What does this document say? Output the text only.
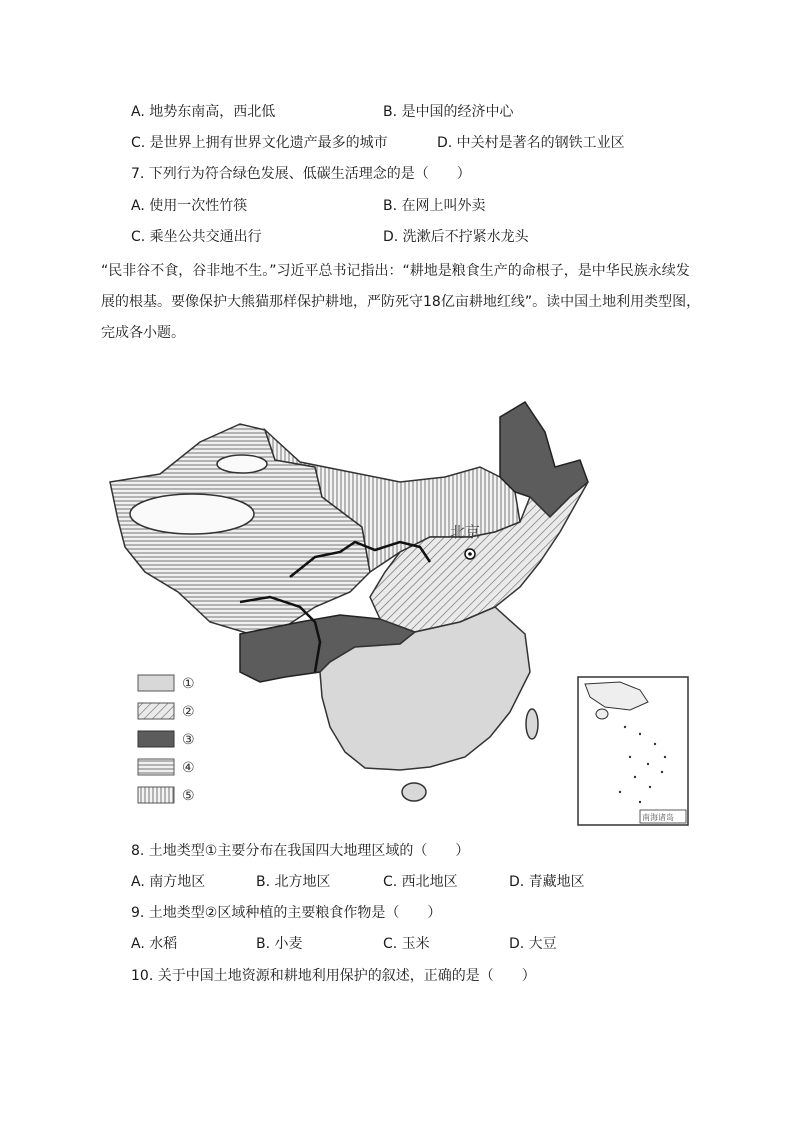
A. 地势东南高，西北低	B. 是中国的经济中心
C. 是世界上拥有世界文化遗产最多的城市	D. 中关村是著名的钢铁工业区
7. 下列行为符合绿色发展、低碳生活理念的是（　　）
A. 使用一次性竹筷	B. 在网上叫外卖
C. 乘坐公共交通出行	D. 洗漱后不拧紧水龙头
“民非谷不食，谷非地不生。”习近平总书记指出：“耕地是粮食生产的命根子，是中华民族永续发展的根基。要像保护大熊猫那样保护耕地，严防死守18亿亩耕地红线”。读中国土地利用类型图，完成各小题。
北京
①
②
③
④
⑤
南海诸岛
8. 土地类型①主要分布在我国四大地理区域的（　　）
A. 南方地区	B. 北方地区	C. 西北地区	D. 青藏地区
9. 土地类型②区域种植的主要粮食作物是（　　）
A. 水稻	B. 小麦	C. 玉米	D. 大豆
10. 关于中国土地资源和耕地利用保护的叙述，正确的是（　　）
